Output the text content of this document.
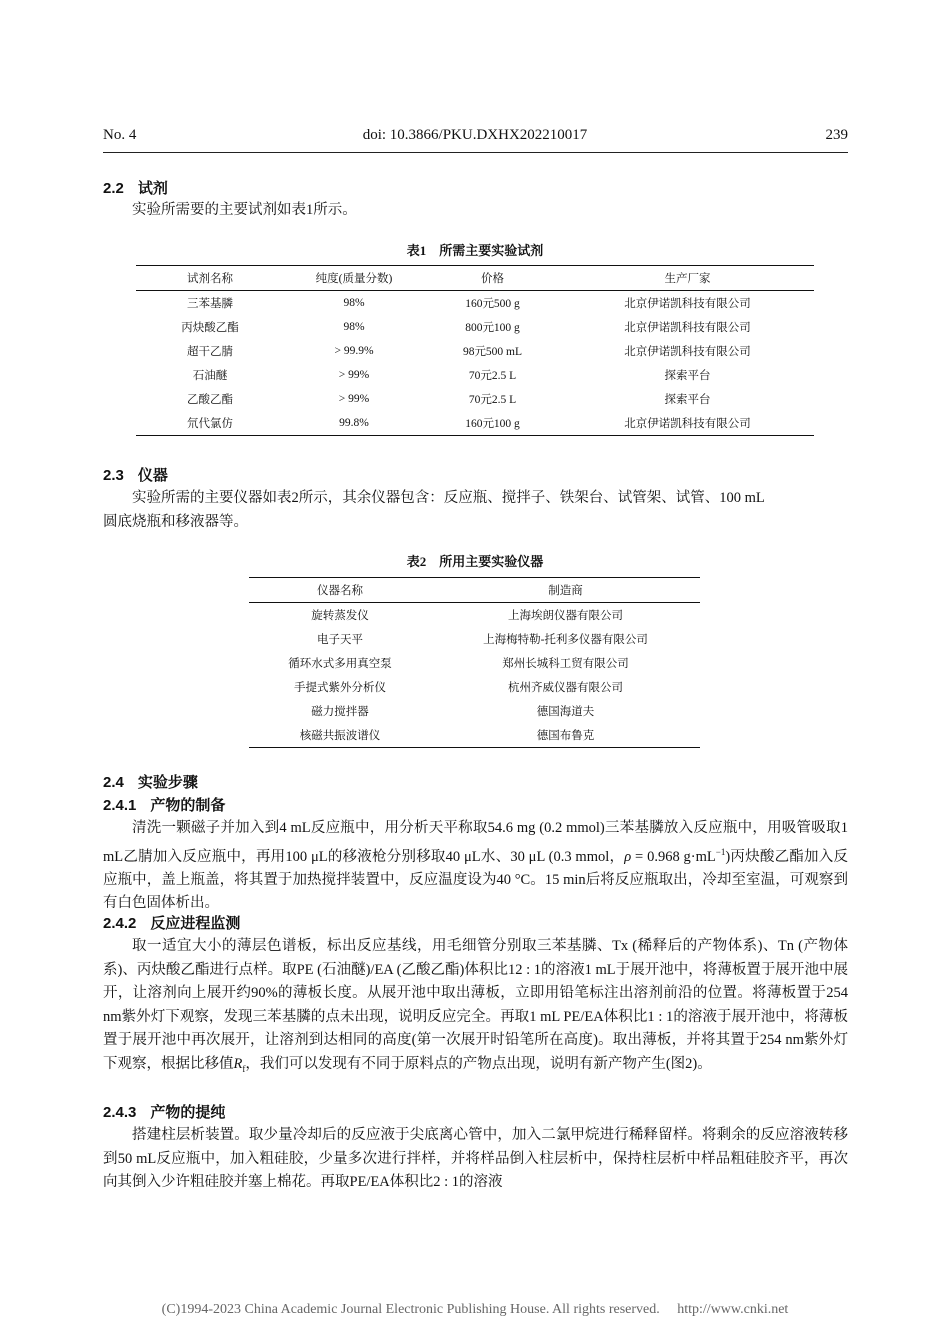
No. 4	doi: 10.3866/PKU.DXHX202210017	239
2.2 试剂

实验所需要的主要试剂如表1所示。

表1　所需主要实验试剂
试剂名称	纯度(质量分数)	价格	生产厂家
三苯基膦	98%	160元500 g	北京伊诺凯科技有限公司
丙炔酸乙酯	98%	800元100 g	北京伊诺凯科技有限公司
超干乙腈	> 99.9%	98元500 mL	北京伊诺凯科技有限公司
石油醚	> 99%	70元2.5 L	探索平台
乙酸乙酯	> 99%	70元2.5 L	探索平台
氘代氯仿	99.8%	160元100 g	北京伊诺凯科技有限公司
2.3 仪器

实验所需的主要仪器如表2所示，其余仪器包含：反应瓶、搅拌子、铁架台、试管架、试管、100 mL

圆底烧瓶和移液器等。
表2　所用主要实验仪器
仪器名称	制造商
旋转蒸发仪	上海埃朗仪器有限公司
电子天平	上海梅特勒-托利多仪器有限公司
循环水式多用真空泵	郑州长城科工贸有限公司
手提式紫外分析仪	杭州齐威仪器有限公司
磁力搅拌器	德国海道夫
核磁共振波谱仪	德国布鲁克
2.4 实验步骤
2.4.1 产物的制备

清洗一颗磁子并加入到4 mL反应瓶中，用分析天平称取54.6 mg (0.2 mmol)三苯基膦放入反应瓶中，用吸管吸取1 mL乙腈加入反应瓶中，再用100 μL的移液枪分别移取40 μL水、30 μL (0.3 mmol，ρ = 0.968 $g\cdot mL^{-1}$)丙炔酸乙酯加入反应瓶中，盖上瓶盖，将其置于加热搅拌装置中，反应温度设为40 °C。15 min后将反应瓶取出，冷却至室温，可观察到有白色固体析出。

2.4.2 反应进程监测

取一适宜大小的薄层色谱板，标出反应基线，用毛细管分别取三苯基膦、Tx (稀释后的产物体系)、Tn (产物体系)、丙炔酸乙酯进行点样。取PE (石油醚)/EA (乙酸乙酯)体积比12 : 1的溶液1 mL于展开池中，将薄板置于展开池中展开，让溶剂向上展开约90%的薄板长度。从展开池中取出薄板，立即用铅笔标注出溶剂前沿的位置。将薄板置于254 nm紫外灯下观察，发现三苯基膦的点未出现，说明反应完全。再取1 mL PE/EA体积比1 : 1的溶液于展开池中，将薄板置于展开池中再次展开，让溶剂到达相同的高度(第一次展开时铅笔所在高度)。取出薄板，并将其置于254 nm紫外灯下观察，根据比移值$R_f$，我们可以发现有不同于原料点的产物点出现，说明有新产物产生(图2)。

2.4.3 产物的提纯

搭建柱层析装置。取少量冷却后的反应液于尖底离心管中，加入二氯甲烷进行稀释留样。将剩余的反应溶液转移到50 mL反应瓶中，加入粗硅胶，少量多次进行拌样，并将样品倒入柱层析中，保持柱层析中样品粗硅胶齐平，再次向其倒入少许粗硅胶并塞上棉花。再取PE/EA体积比2 : 1的溶液

(C)1994-2023 China Academic Journal Electronic Publishing House. All rights reserved.　 http://www.cnki.net
